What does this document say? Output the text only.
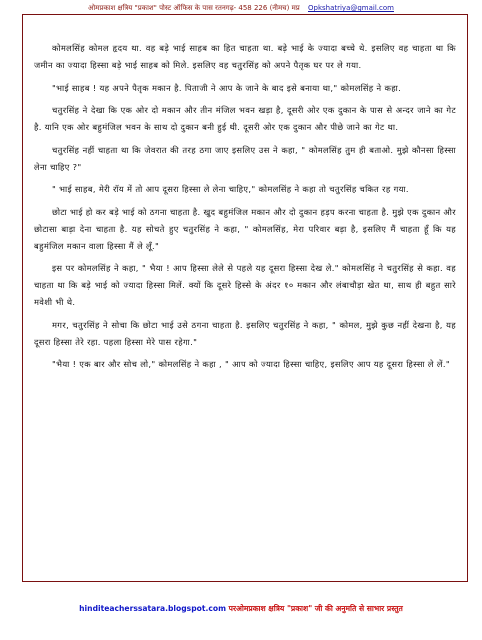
ओमप्रकाश क्षत्रिय "प्रकाश" पोस्ट ऑफिस के पास रतनगढ़- 458 226 (नीमच) मप्र Opkshatriya@gmail.com

कोमलसिंह कोमल हृदय था. वह बड़े भाई साहब का हित चाहता था. बड़े भाई के ज्यादा बच्चे थे. इसलिए वह चाहता था कि जमीन का ज्यादा हिस्सा बड़े भाई साहब को मिले. इसलिए वह चतुरसिंह को अपने पैतृक घर पर ले गया.

"भाई साहब ! यह अपने पैतृक मकान है. पिताजी ने आप के जाने के बाद इसे बनाया था," कोमलसिंह ने कहा.

चतुरसिंह ने देखा कि एक ओर दो मकान और तीन मंजिल भवन खड़ा है, दूसरी ओर एक दुकान के पास से अन्दर जाने का गेट है. यानि एक ओर बहुमंजिल भवन के साथ दो दुकान बनी हुई थी. दूसरी ओर एक दुकान और पीछे जाने का गेट था.

चतुरसिंह नहीं चाहता था कि जेवरात की तरह ठगा जाए इसलिए उस ने कहा, " कोमलसिंह तुम ही बताओ. मुझे कौनसा हिस्सा लेना चाहिए ?"

" भाई साहब, मेरी रॉय में तो आप दूसरा हिस्सा ले लेना चाहिए," कोमलसिंह ने कहा तो चतुरसिंह चकित रह गया.

छोटा भाई हो कर बड़े भाई को ठगना चाहता है. खुद बहुमंजिल मकान और दो दुकान हड़प करना चाहता है. मुझे एक दुकान और छोटासा बाड़ा देना चाहता है. यह सोचते हुए चतुरसिंह ने कहा, " कोमलसिंह, मेरा परिवार बड़ा है, इसलिए मैं चाहता हूँ कि यह बहुमंजिल मकान वाला हिस्सा मैं ले लूँ."

इस पर कोमलसिंह ने कहा, " भैया ! आप हिस्सा लेले से पहले यह दूसरा हिस्सा देख ले." कोमलसिंह ने चतुरसिंह से कहा. वह चाहता था कि बड़े भाई को ज्यादा हिस्सा मिलें. क्यों कि दूसरे हिस्से के अंदर १० मकान और लंबाचौड़ा खेत था, साथ ही बहुत सारे मवेशी भी थे.

मगर, चतुरसिंह ने सोचा कि छोटा भाई उसे ठगना चाहता है. इसलिए चतुरसिंह ने कहा, " कोमल, मुझे कुछ नहीं देखना है, यह दूसरा हिस्सा तेरे रहा. पहला हिस्सा मेरे पास रहेगा."

"भैया ! एक बार और सोच लो," कोमलसिंह ने कहा , " आप को ज्यादा हिस्सा चाहिए, इसलिए आप यह दूसरा हिस्सा ले लें."

hinditeacherssatara.blogspot.com परओमप्रकाश क्षत्रिय "प्रकाश" जी की अनुमति से साभार प्रस्तुत
